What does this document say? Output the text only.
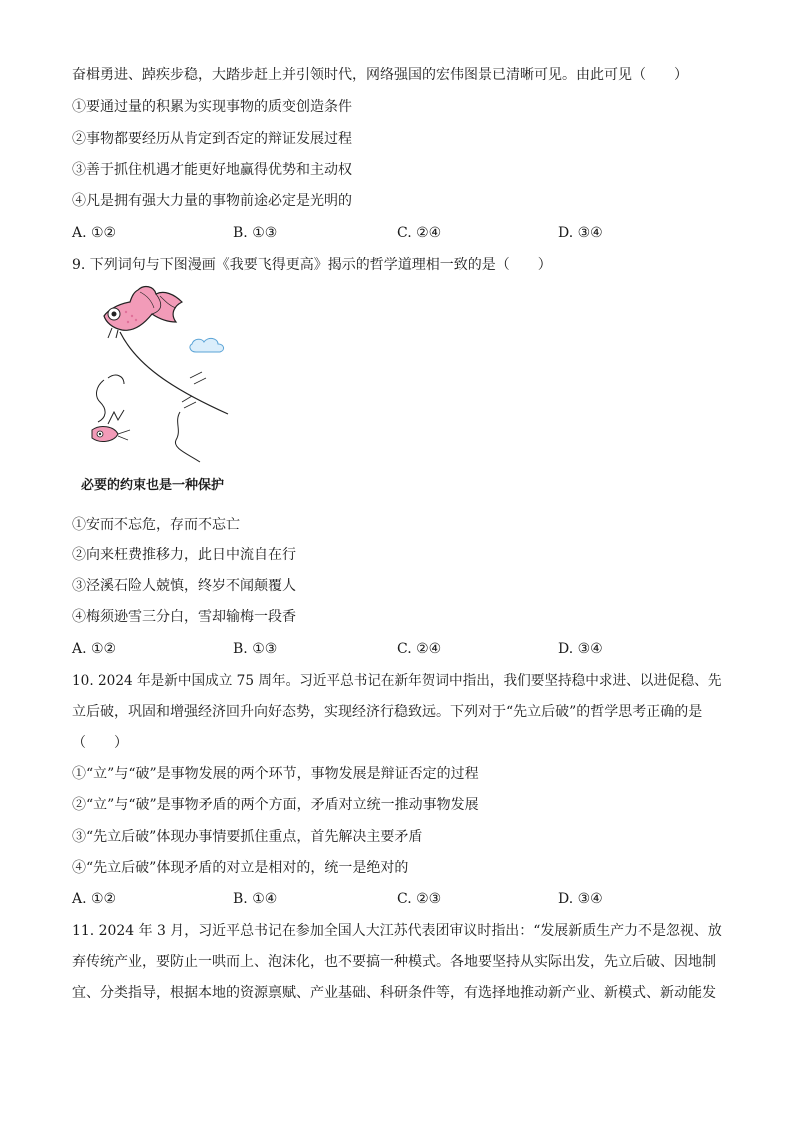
奋楫勇进、踔疾步稳，大踏步赶上并引领时代，网络强国的宏伟图景已清晰可见。由此可见（　　）
①要通过量的积累为实现事物的质变创造条件
②事物都要经历从肯定到否定的辩证发展过程
③善于抓住机遇才能更好地赢得优势和主动权
④凡是拥有强大力量的事物前途必定是光明的
A. ①②	B. ①③	C. ②④	D. ③④
9. 下列词句与下图漫画《我要飞得更高》揭示的哲学道理相一致的是（　　）
必要的约束也是一种保护
①安而不忘危，存而不忘亡
②向来枉费推移力，此日中流自在行
③泾溪石险人兢慎，终岁不闻颠覆人
④梅须逊雪三分白，雪却输梅一段香
A. ①②	B. ①③	C. ②④	D. ③④
10. 2024 年是新中国成立 75 周年。习近平总书记在新年贺词中指出，我们要坚持稳中求进、以进促稳、先
立后破，巩固和增强经济回升向好态势，实现经济行稳致远。下列对于“先立后破”的哲学思考正确的是
（　　）
①“立”与“破”是事物发展的两个环节，事物发展是辩证否定的过程
②“立”与“破”是事物矛盾的两个方面，矛盾对立统一推动事物发展
③“先立后破”体现办事情要抓住重点，首先解决主要矛盾
④“先立后破”体现矛盾的对立是相对的，统一是绝对的
A. ①②	B. ①④	C. ②③	D. ③④
11. 2024 年 3 月，习近平总书记在参加全国人大江苏代表团审议时指出：“发展新质生产力不是忽视、放
弃传统产业，要防止一哄而上、泡沫化，也不要搞一种模式。各地要坚持从实际出发，先立后破、因地制
宜、分类指导，根据本地的资源禀赋、产业基础、科研条件等，有选择地推动新产业、新模式、新动能发
